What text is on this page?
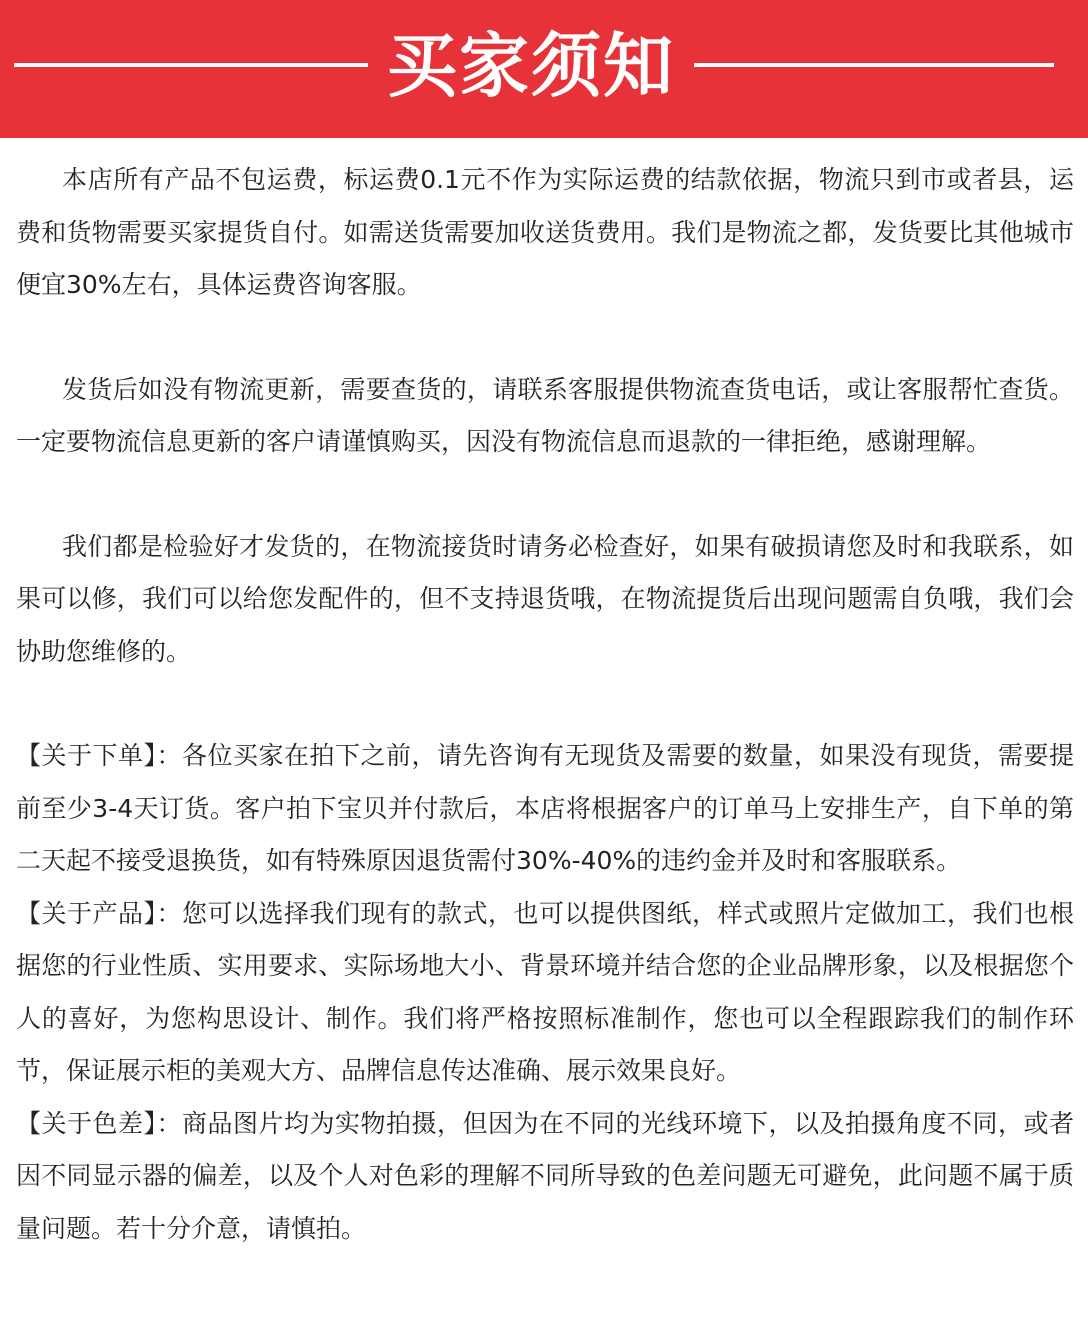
买家须知

本店所有产品不包运费，标运费0.1元不作为实际运费的结款依据，物流只到市或者县，运费和货物需要买家提货自付。如需送货需要加收送货费用。我们是物流之都，发货要比其他城市便宜30%左右，具体运费咨询客服。

发货后如没有物流更新，需要查货的，请联系客服提供物流查货电话，或让客服帮忙查货。一定要物流信息更新的客户请谨慎购买，因没有物流信息而退款的一律拒绝，感谢理解。

我们都是检验好才发货的，在物流接货时请务必检查好，如果有破损请您及时和我联系，如果可以修，我们可以给您发配件的，但不支持退货哦，在物流提货后出现问题需自负哦，我们会协助您维修的。

【关于下单】：各位买家在拍下之前，请先咨询有无现货及需要的数量，如果没有现货，需要提前至少3-4天订货。客户拍下宝贝并付款后，本店将根据客户的订单马上安排生产，自下单的第二天起不接受退换货，如有特殊原因退货需付30%-40%的违约金并及时和客服联系。

【关于产品】：您可以选择我们现有的款式，也可以提供图纸，样式或照片定做加工，我们也根据您的行业性质、实用要求、实际场地大小、背景环境并结合您的企业品牌形象，以及根据您个人的喜好，为您构思设计、制作。我们将严格按照标准制作，您也可以全程跟踪我们的制作环节，保证展示柜的美观大方、品牌信息传达准确、展示效果良好。

【关于色差】：商品图片均为实物拍摄，但因为在不同的光线环境下，以及拍摄角度不同，或者因不同显示器的偏差，以及个人对色彩的理解不同所导致的色差问题无可避免，此问题不属于质量问题。若十分介意，请慎拍。
